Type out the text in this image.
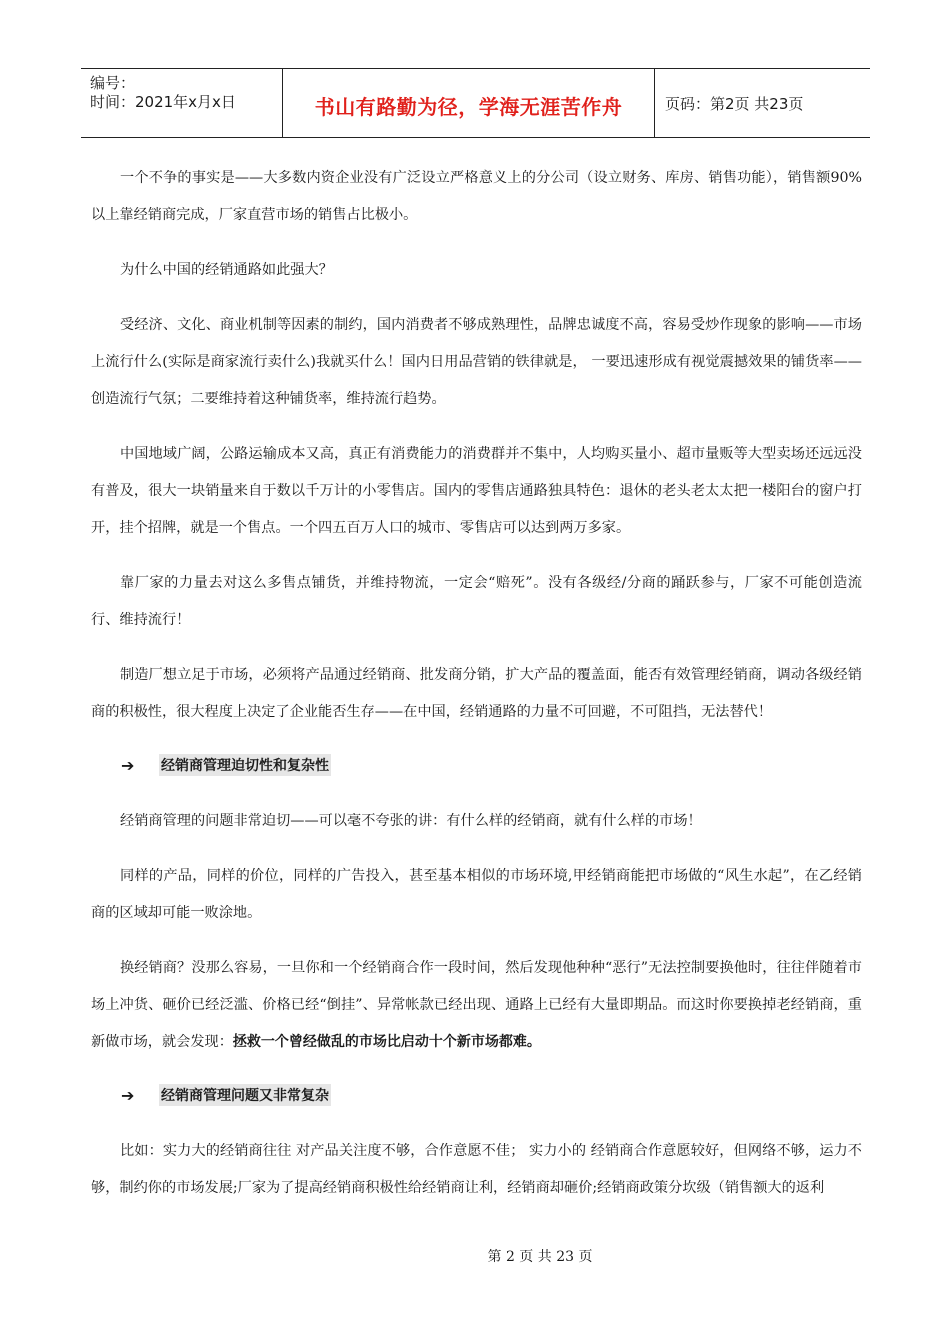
编号：
时间：2021年x月x日	书山有路勤为径，学海无涯苦作舟	页码：第2页 共23页

一个不争的事实是——大多数内资企业没有广泛设立严格意义上的分公司（设立财务、库房、销售功能），销售额90%以上靠经销商完成，厂家直营市场的销售占比极小。

为什么中国的经销通路如此强大？

受经济、文化、商业机制等因素的制约，国内消费者不够成熟理性，品牌忠诚度不高，容易受炒作现象的影响——市场上流行什么(实际是商家流行卖什么)我就买什么！国内日用品营销的铁律就是， 一要迅速形成有视觉震撼效果的铺货率——创造流行气氛；二要维持着这种铺货率，维持流行趋势。

中国地域广阔，公路运输成本又高，真正有消费能力的消费群并不集中，人均购买量小、超市量贩等大型卖场还远远没有普及，很大一块销量来自于数以千万计的小零售店。国内的零售店通路独具特色：退休的老头老太太把一楼阳台的窗户打开，挂个招牌，就是一个售点。一个四五百万人口的城市、零售店可以达到两万多家。

靠厂家的力量去对这么多售点铺货，并维持物流，一定会“赔死”。没有各级经/分商的踊跃参与，厂家不可能创造流行、维持流行！

制造厂想立足于市场，必须将产品通过经销商、批发商分销，扩大产品的覆盖面，能否有效管理经销商，调动各级经销商的积极性，很大程度上决定了企业能否生存——在中国，经销通路的力量不可回避，不可阻挡，无法替代！

➔	经销商管理迫切性和复杂性

经销商管理的问题非常迫切——可以毫不夸张的讲：有什么样的经销商，就有什么样的市场！

同样的产品，同样的价位，同样的广告投入，甚至基本相似的市场环境,甲经销商能把市场做的“风生水起”，在乙经销商的区域却可能一败涂地。

换经销商？没那么容易，一旦你和一个经销商合作一段时间，然后发现他种种“恶行”无法控制要换他时，往往伴随着市场上冲货、砸价已经泛滥、价格已经“倒挂”、异常帐款已经出现、通路上已经有大量即期品。而这时你要换掉老经销商，重新做市场，就会发现：拯救一个曾经做乱的市场比启动十个新市场都难。

➔	经销商管理问题又非常复杂

比如：实力大的经销商往往 对产品关注度不够，合作意愿不佳； 实力小的 经销商合作意愿较好，但网络不够，运力不够，制约你的市场发展;厂家为了提高经销商积极性给经销商让利，经销商却砸价;经销商政策分坎级（销售额大的返利

第 2 页 共 23 页
